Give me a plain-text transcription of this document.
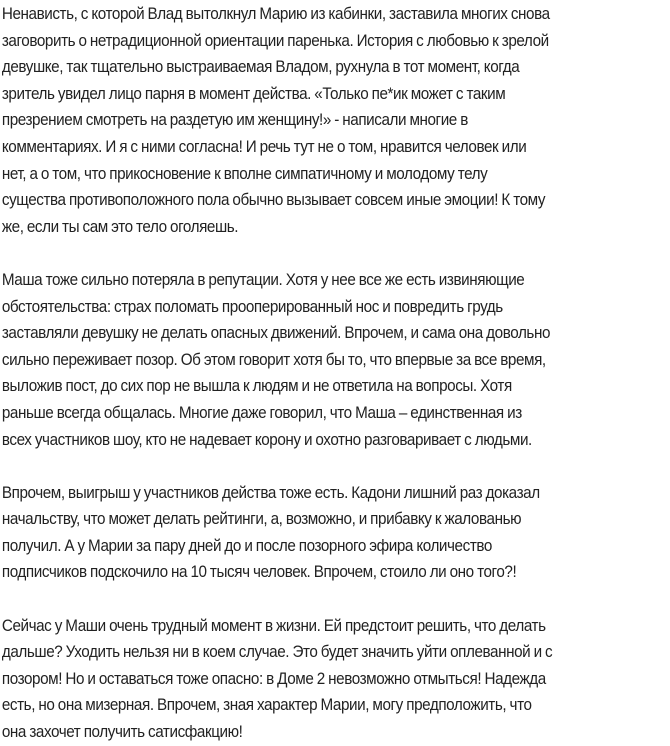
Ненависть, с которой Влад вытолкнул Марию из кабинки, заставила многих снова
заговорить о нетрадиционной ориентации паренька. История с любовью к зрелой
девушке, так тщательно выстраиваемая Владом, рухнула в тот момент, когда
зритель увидел лицо парня в момент действа. «Только пе*ик может с таким
презрением смотреть на раздетую им женщину!» - написали многие в
комментариях. И я с ними согласна! И речь тут не о том, нравится человек или
нет, а о том, что прикосновение к вполне симпатичному и молодому телу
существа противоположного пола обычно вызывает совсем иные эмоции! К тому
же, если ты сам это тело оголяешь.

Маша тоже сильно потеряла в репутации. Хотя у нее все же есть извиняющие
обстоятельства: страх поломать прооперированный нос и повредить грудь
заставляли девушку не делать опасных движений. Впрочем, и сама она довольно
сильно переживает позор. Об этом говорит хотя бы то, что впервые за все время,
выложив пост, до сих пор не вышла к людям и не ответила на вопросы. Хотя
раньше всегда общалась. Многие даже говорил, что Маша – единственная из
всех участников шоу, кто не надевает корону и охотно разговаривает с людьми.

Впрочем, выигрыш у участников действа тоже есть. Кадони лишний раз доказал
начальству, что может делать рейтинги, а, возможно, и прибавку к жалованью
получил. А у Марии за пару дней до и после позорного эфира количество
подписчиков подскочило на 10 тысяч человек. Впрочем, стоило ли оно того?!

Сейчас у Маши очень трудный момент в жизни. Ей предстоит решить, что делать
дальше? Уходить нельзя ни в коем случае. Это будет значить уйти оплеванной и с
позором! Но и оставаться тоже опасно: в Доме 2 невозможно отмыться! Надежда
есть, но она мизерная. Впрочем, зная характер Марии, могу предположить, что
она захочет получить сатисфакцию!
